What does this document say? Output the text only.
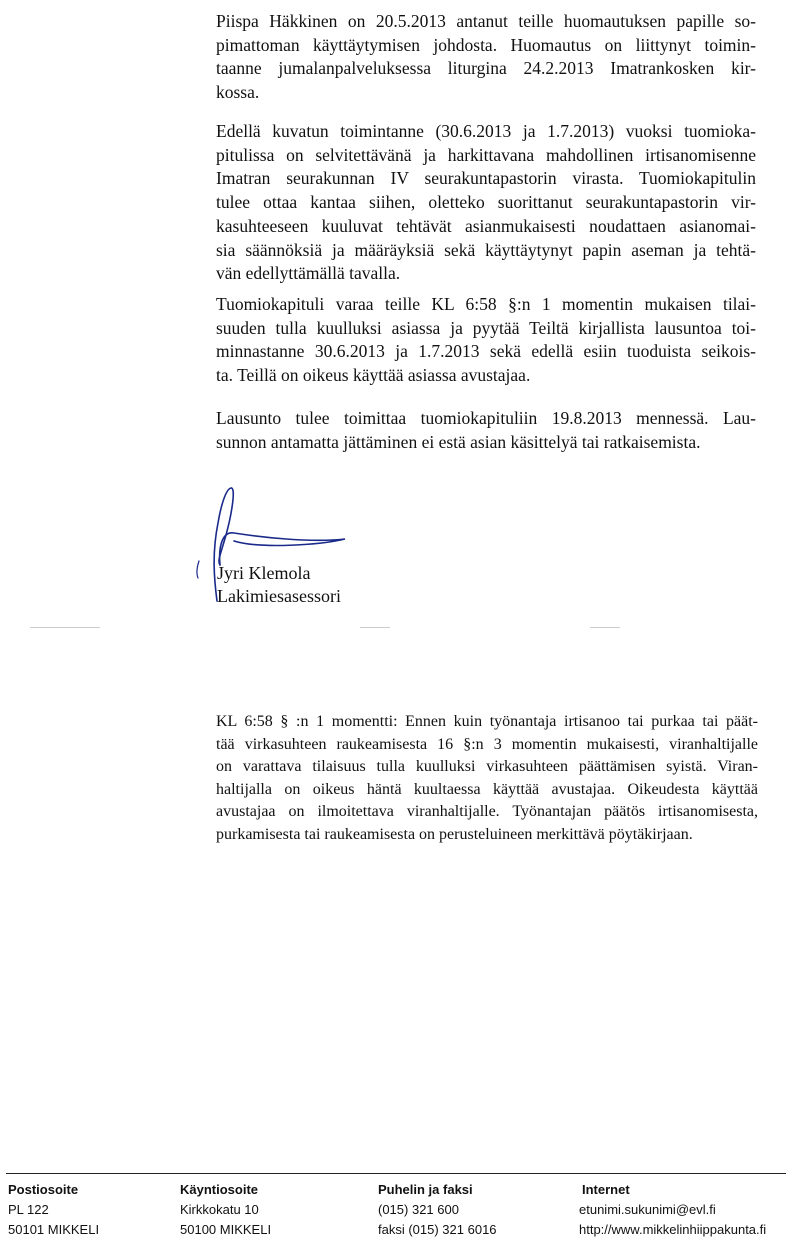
Piispa Häkkinen on 20.5.2013 antanut teille huomautuksen papille so-
pimattoman käyttäytymisen johdosta. Huomautus on liittynyt toimin-
taanne jumalanpalveluksessa liturgina 24.2.2013 Imatrankosken kir-
kossa.
Edellä kuvatun toimintanne (30.6.2013 ja 1.7.2013) vuoksi tuomioka-
pitulissa on selvitettävänä ja harkittavana mahdollinen irtisanomisenne
Imatran seurakunnan IV seurakuntapastorin virasta. Tuomiokapitulin
tulee ottaa kantaa siihen, oletteko suorittanut seurakuntapastorin vir-
kasuhteeseen kuuluvat tehtävät asianmukaisesti noudattaen asianomai-
sia säännöksiä ja määräyksiä sekä käyttäytynyt papin aseman ja tehtä-
vän edellyttämällä tavalla.
Tuomiokapituli varaa teille KL 6:58 §:n 1 momentin mukaisen tilai-
suuden tulla kuulluksi asiassa ja pyytää Teiltä kirjallista lausuntoa toi-
minnastanne 30.6.2013 ja 1.7.2013 sekä edellä esiin tuoduista seikois-
ta. Teillä on oikeus käyttää asiassa avustajaa.
Lausunto tulee toimittaa tuomiokapituliin 19.8.2013 mennessä. Lau-
sunnon antamatta jättäminen ei estä asian käsittelyä tai ratkaisemista.
Jyri Klemola
Lakimiesasessori
KL 6:58 § :n 1 momentti: Ennen kuin työnantaja irtisanoo tai purkaa tai päät-
tää virkasuhteen raukeamisesta 16 §:n 3 momentin mukaisesti, viranhaltijalle
on varattava tilaisuus tulla kuulluksi virkasuhteen päättämisen syistä. Viran-
haltijalla on oikeus häntä kuultaessa käyttää avustajaa. Oikeudesta käyttää
avustajaa on ilmoitettava viranhaltijalle. Työnantajan päätös irtisanomisesta,
purkamisesta tai raukeamisesta on perusteluineen merkittävä pöytäkirjaan.
Postiosoite
PL 122
50101 MIKKELI
Käyntiosoite
Kirkkokatu 10
50100 MIKKELI
Puhelin ja faksi
(015) 321 600
faksi (015) 321 6016
Internet
etunimi.sukunimi@evl.fi
http://www.mikkelinhiippakunta.fi
